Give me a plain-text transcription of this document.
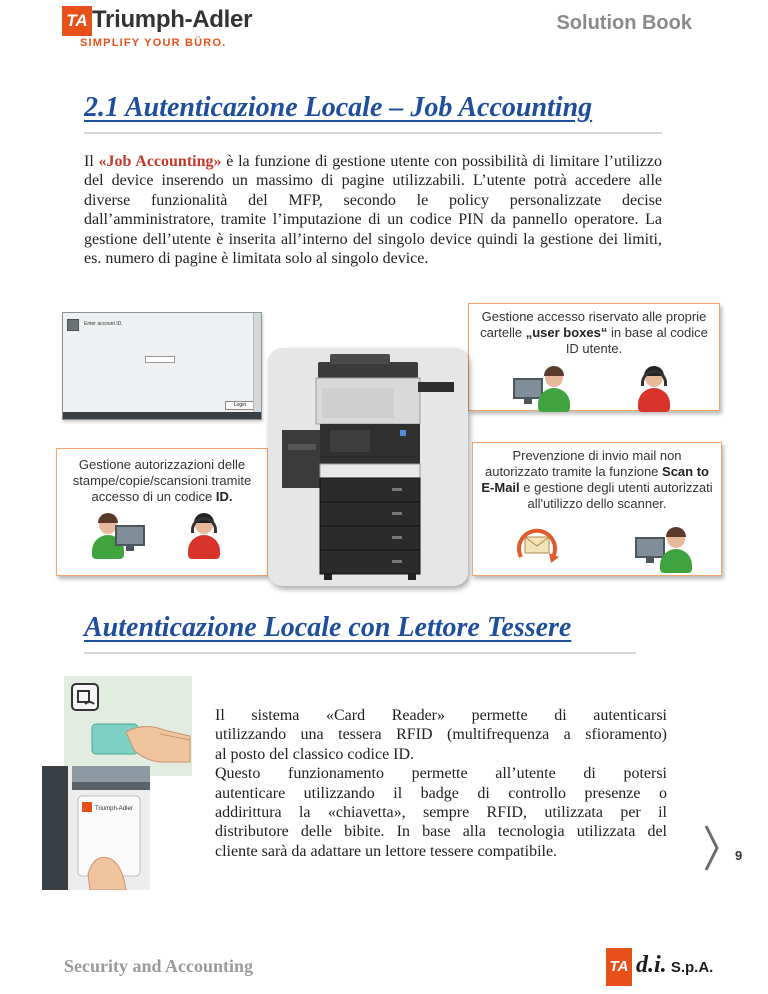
TA Triumph-Adler
SIMPLIFY YOUR BÜRO.
Solution Book
2.1 Autenticazione Locale – Job Accounting

Il «Job Accounting» è la funzione di gestione utente con possibilità di limitare l’utilizzo del device inserendo un massimo di pagine utilizzabili. L’utente potrà accedere alle diverse funzionalità del MFP, secondo le policy personalizzate decise dall’amministratore, tramite l’imputazione di un codice PIN da pannello operatore. La gestione dell’utente è inserita all’interno del singolo device quindi la gestione dei limiti, es. numero di pagine è limitata solo al singolo device.

Enter account ID.
Login

Gestione accesso riservato alle proprie cartelle „user boxes“ in base al codice ID utente.

Gestione autorizzazioni delle stampe/copie/scansioni tramite accesso di un codice ID.

Prevenzione di invio mail non autorizzato tramite la funzione Scan to E-Mail e gestione degli utenti autorizzati all'utilizzo dello scanner.

Autenticazione Locale con Lettore Tessere
Triumph-Adler
Il sistema «Card Reader» permette di autenticarsi
utilizzando una tessera RFID (multifrequenza a sfioramento)
al posto del classico codice ID.
Questo funzionamento permette all’utente di potersi
autenticare utilizzando il badge di controllo presenze o
addirittura la «chiavetta», sempre RFID, utilizzata per il
distributore delle bibite. In base alla tecnologia utilizzata del
cliente sarà da adattare un lettore tessere compatibile.	9
Security and Accounting	TA d.i. S.p.A.
